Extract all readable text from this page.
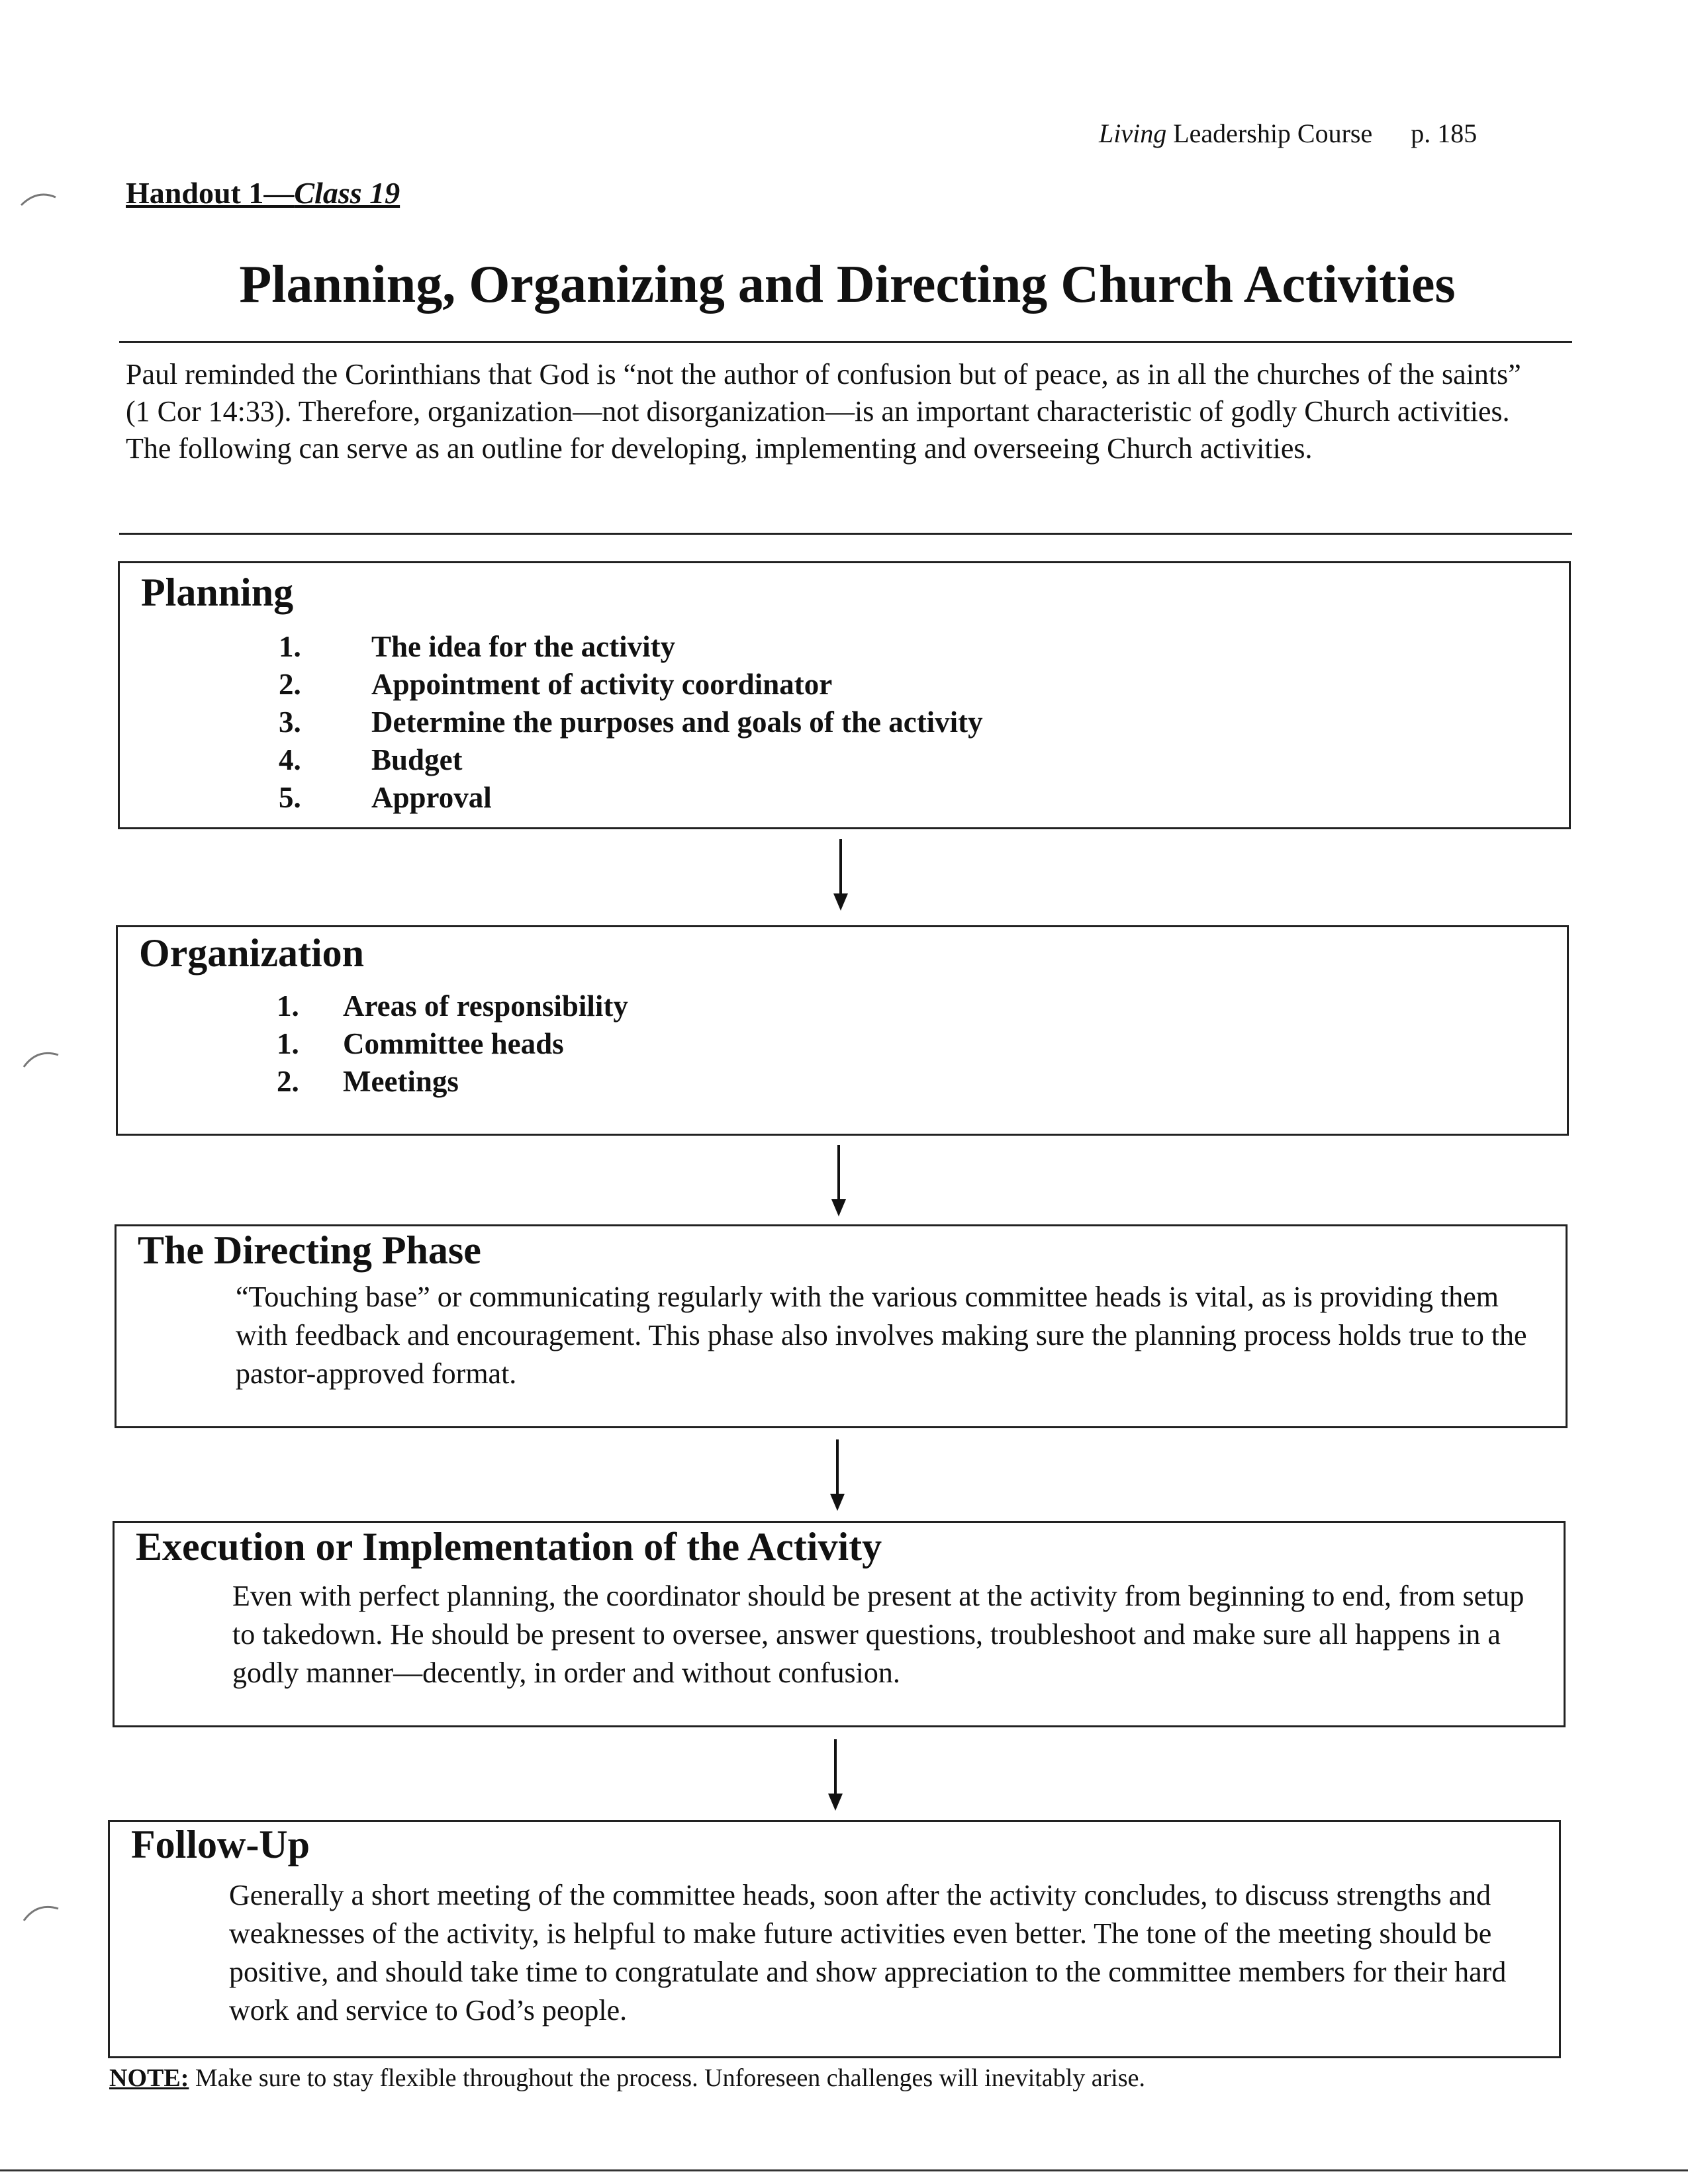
Living Leadership Course p. 185
Handout 1—Class 19
Planning, Organizing and Directing Church Activities
Paul reminded the Corinthians that God is “not the author of confusion but of peace, as in all the churches of the saints” (1 Cor 14:33). Therefore, organization—not disorganization—is an important characteristic of godly Church activities. The following can serve as an outline for developing, implementing and overseeing Church activities.
Planning
1. The idea for the activity
2. Appointment of activity coordinator
3. Determine the purposes and goals of the activity
4. Budget
5. Approval
Organization
1. Areas of responsibility
1. Committee heads
2. Meetings
The Directing Phase
“Touching base” or communicating regularly with the various committee heads is vital, as is providing them with feedback and encouragement. This phase also involves making sure the planning process holds true to the pastor-approved format.
Execution or Implementation of the Activity
Even with perfect planning, the coordinator should be present at the activity from beginning to end, from setup to takedown. He should be present to oversee, answer questions, troubleshoot and make sure all happens in a godly manner—decently, in order and without confusion.
Follow-Up
Generally a short meeting of the committee heads, soon after the activity concludes, to discuss strengths and weaknesses of the activity, is helpful to make future activities even better. The tone of the meeting should be positive, and should take time to congratulate and show appreciation to the committee members for their hard work and service to God’s people.
NOTE: Make sure to stay flexible throughout the process. Unforeseen challenges will inevitably arise.
